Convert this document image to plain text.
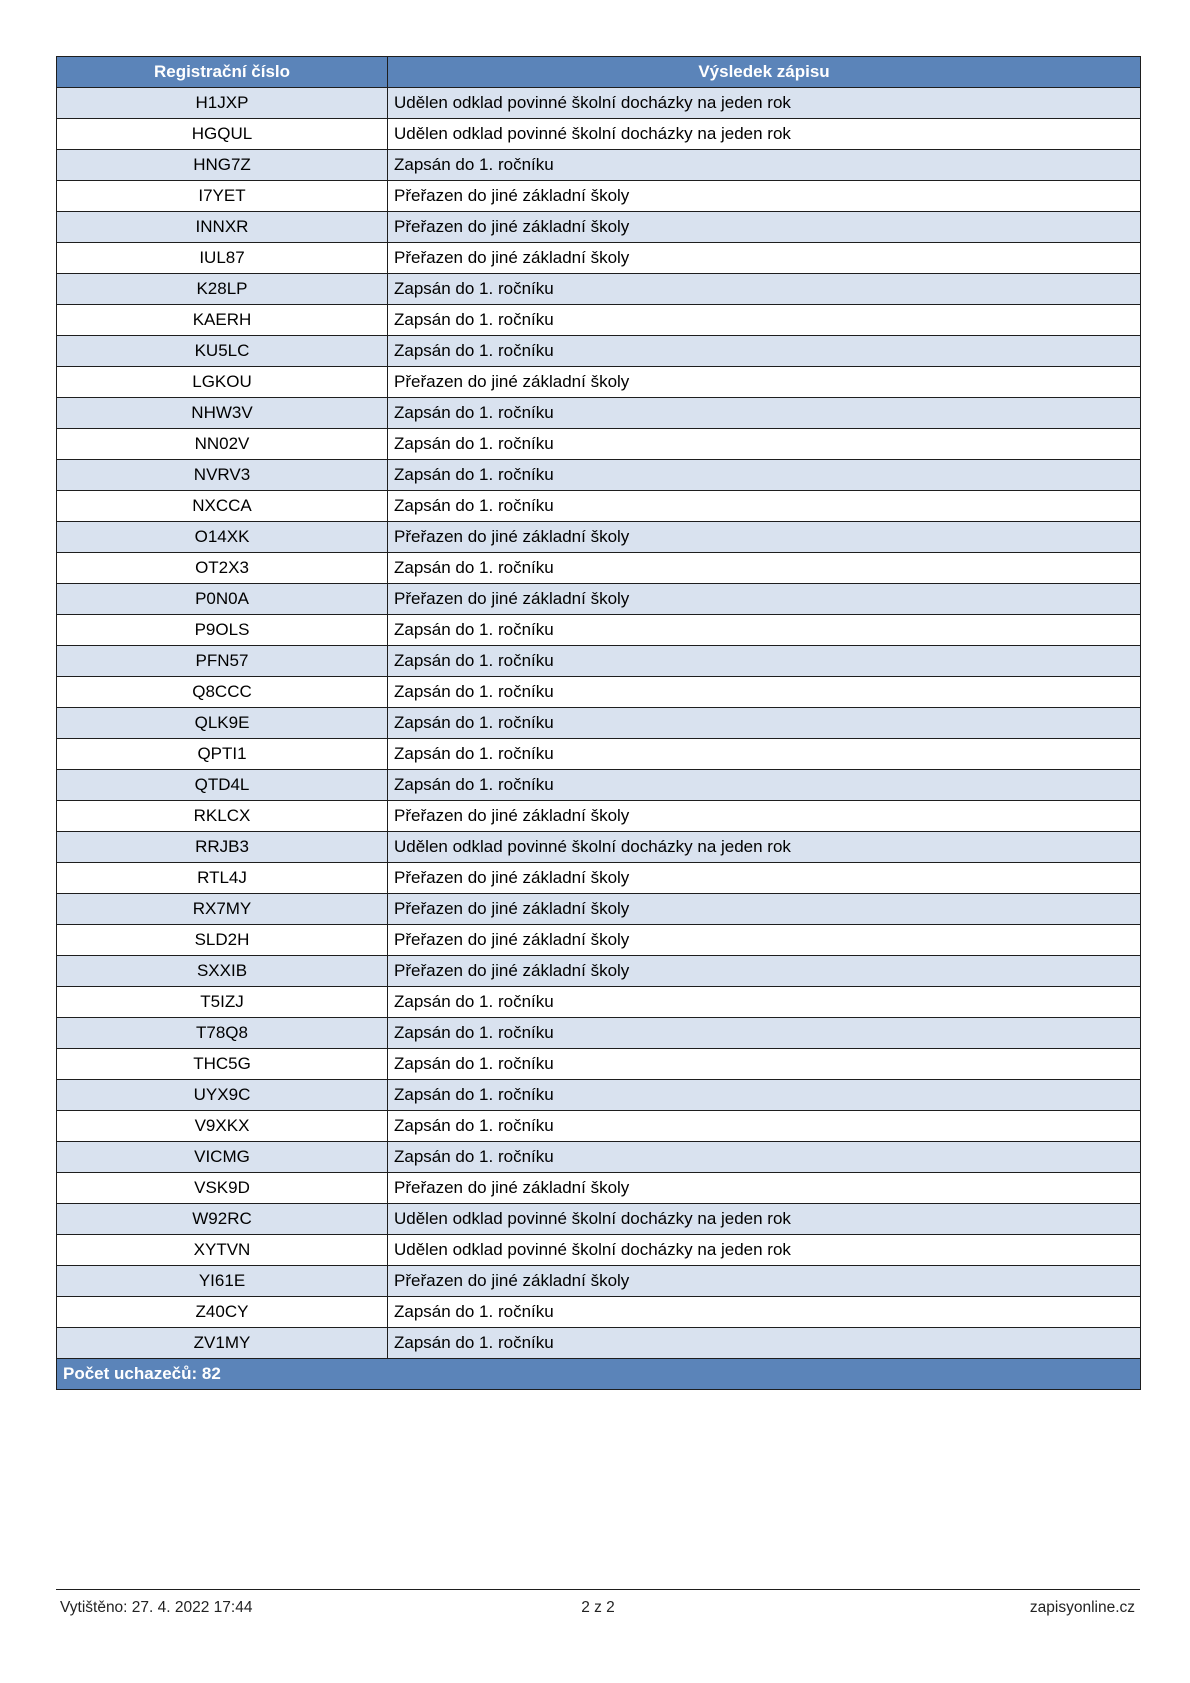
Registrační číslo	Výsledek zápisu
H1JXP	Udělen odklad povinné školní docházky na jeden rok
HGQUL	Udělen odklad povinné školní docházky na jeden rok
HNG7Z	Zapsán do 1. ročníku
I7YET	Přeřazen do jiné základní školy
INNXR	Přeřazen do jiné základní školy
IUL87	Přeřazen do jiné základní školy
K28LP	Zapsán do 1. ročníku
KAERH	Zapsán do 1. ročníku
KU5LC	Zapsán do 1. ročníku
LGKOU	Přeřazen do jiné základní školy
NHW3V	Zapsán do 1. ročníku
NN02V	Zapsán do 1. ročníku
NVRV3	Zapsán do 1. ročníku
NXCCA	Zapsán do 1. ročníku
O14XK	Přeřazen do jiné základní školy
OT2X3	Zapsán do 1. ročníku
P0N0A	Přeřazen do jiné základní školy
P9OLS	Zapsán do 1. ročníku
PFN57	Zapsán do 1. ročníku
Q8CCC	Zapsán do 1. ročníku
QLK9E	Zapsán do 1. ročníku
QPTI1	Zapsán do 1. ročníku
QTD4L	Zapsán do 1. ročníku
RKLCX	Přeřazen do jiné základní školy
RRJB3	Udělen odklad povinné školní docházky na jeden rok
RTL4J	Přeřazen do jiné základní školy
RX7MY	Přeřazen do jiné základní školy
SLD2H	Přeřazen do jiné základní školy
SXXIB	Přeřazen do jiné základní školy
T5IZJ	Zapsán do 1. ročníku
T78Q8	Zapsán do 1. ročníku
THC5G	Zapsán do 1. ročníku
UYX9C	Zapsán do 1. ročníku
V9XKX	Zapsán do 1. ročníku
VICMG	Zapsán do 1. ročníku
VSK9D	Přeřazen do jiné základní školy
W92RC	Udělen odklad povinné školní docházky na jeden rok
XYTVN	Udělen odklad povinné školní docházky na jeden rok
YI61E	Přeřazen do jiné základní školy
Z40CY	Zapsán do 1. ročníku
ZV1MY	Zapsán do 1. ročníku
Počet uchazečů: 82	
Vytištěno: 27. 4. 2022 17:44	2 z 2	zapisyonline.cz
